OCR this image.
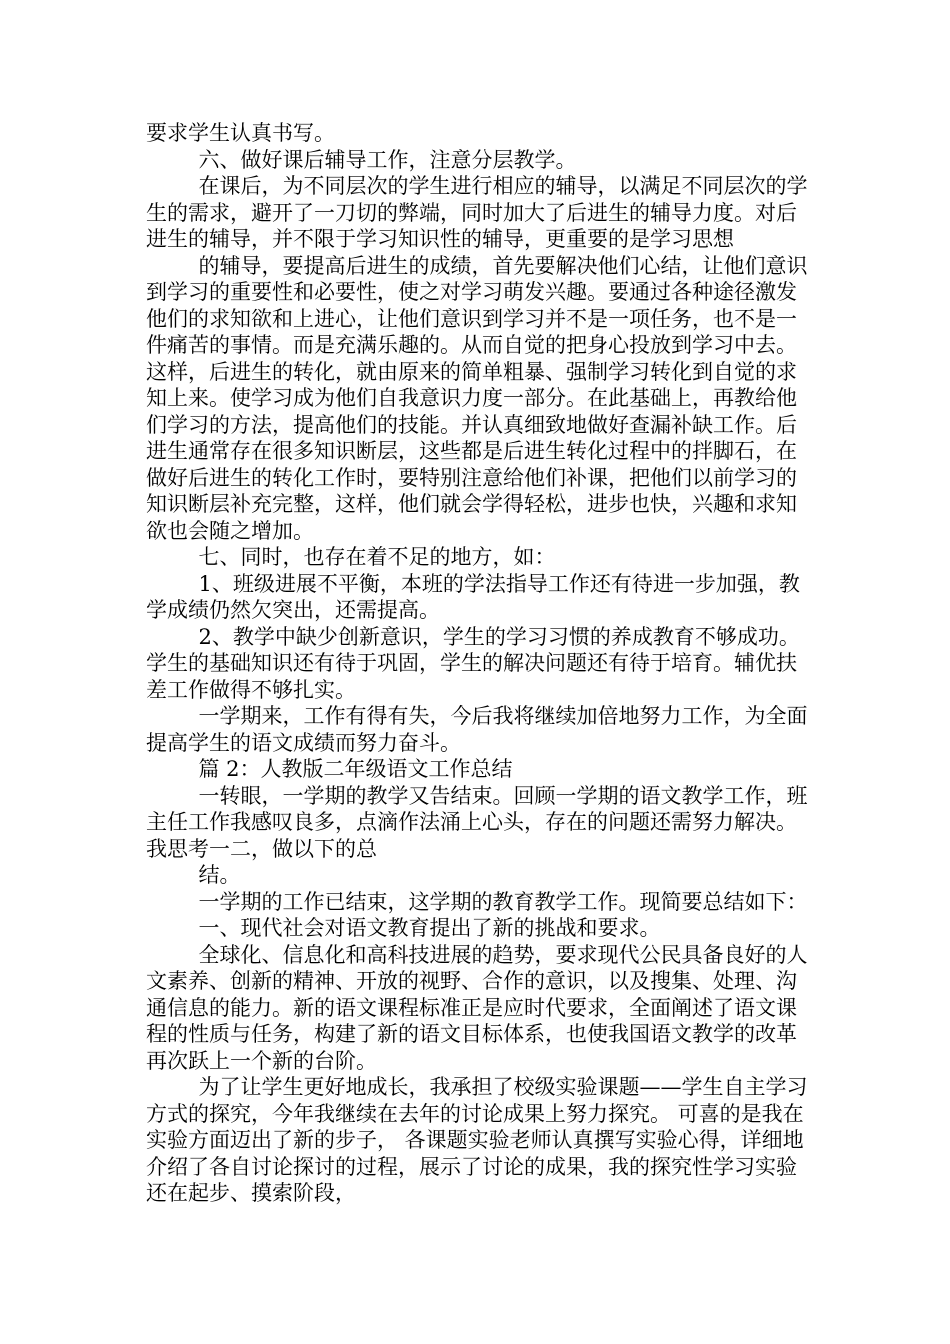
要求学生认真书写。

六、做好课后辅导工作，注意分层教学。

在课后，为不同层次的学生进行相应的辅导，以满足不同层次的学生的需求，避开了一刀切的弊端，同时加大了后进生的辅导力度。对后进生的辅导，并不限于学习知识性的辅导，更重要的是学习思想

的辅导，要提高后进生的成绩，首先要解决他们心结，让他们意识到学习的重要性和必要性，使之对学习萌发兴趣。要通过各种途径激发他们的求知欲和上进心，让他们意识到学习并不是一项任务，也不是一件痛苦的事情。而是充满乐趣的。从而自觉的把身心投放到学习中去。这样，后进生的转化，就由原来的简单粗暴、强制学习转化到自觉的求知上来。使学习成为他们自我意识力度一部分。在此基础上，再教给他们学习的方法，提高他们的技能。并认真细致地做好查漏补缺工作。后进生通常存在很多知识断层，这些都是后进生转化过程中的拌脚石，在做好后进生的转化工作时，要特别注意给他们补课，把他们以前学习的知识断层补充完整，这样，他们就会学得轻松，进步也快，兴趣和求知欲也会随之增加。

七、同时，也存在着不足的地方，如：

1、班级进展不平衡，本班的学法指导工作还有待进一步加强，教学成绩仍然欠突出，还需提高。

2、教学中缺少创新意识，学生的学习习惯的养成教育不够成功。学生的基础知识还有待于巩固，学生的解决问题还有待于培育。辅优扶差工作做得不够扎实。

一学期来，工作有得有失，今后我将继续加倍地努力工作，为全面提高学生的语文成绩而努力奋斗。

篇 2：人教版二年级语文工作总结

一转眼，一学期的教学又告结束。回顾一学期的语文教学工作，班主任工作我感叹良多，点滴作法涌上心头，存在的问题还需努力解决。我思考一二，做以下的总

结。

一学期的工作已结束，这学期的教育教学工作。现简要总结如下：

一、现代社会对语文教育提出了新的挑战和要求。

全球化、信息化和高科技进展的趋势，要求现代公民具备良好的人文素养、创新的精神、开放的视野、合作的意识，以及搜集、处理、沟通信息的能力。新的语文课程标准正是应时代要求，全面阐述了语文课程的性质与任务，构建了新的语文目标体系，也使我国语文教学的改革再次跃上一个新的台阶。

为了让学生更好地成长，我承担了校级实验课题——学生自主学习方式的探究，今年我继续在去年的讨论成果上努力探究。 可喜的是我在实验方面迈出了新的步子， 各课题实验老师认真撰写实验心得，详细地介绍了各自讨论探讨的过程，展示了讨论的成果，我的探究性学习实验还在起步、摸索阶段，
